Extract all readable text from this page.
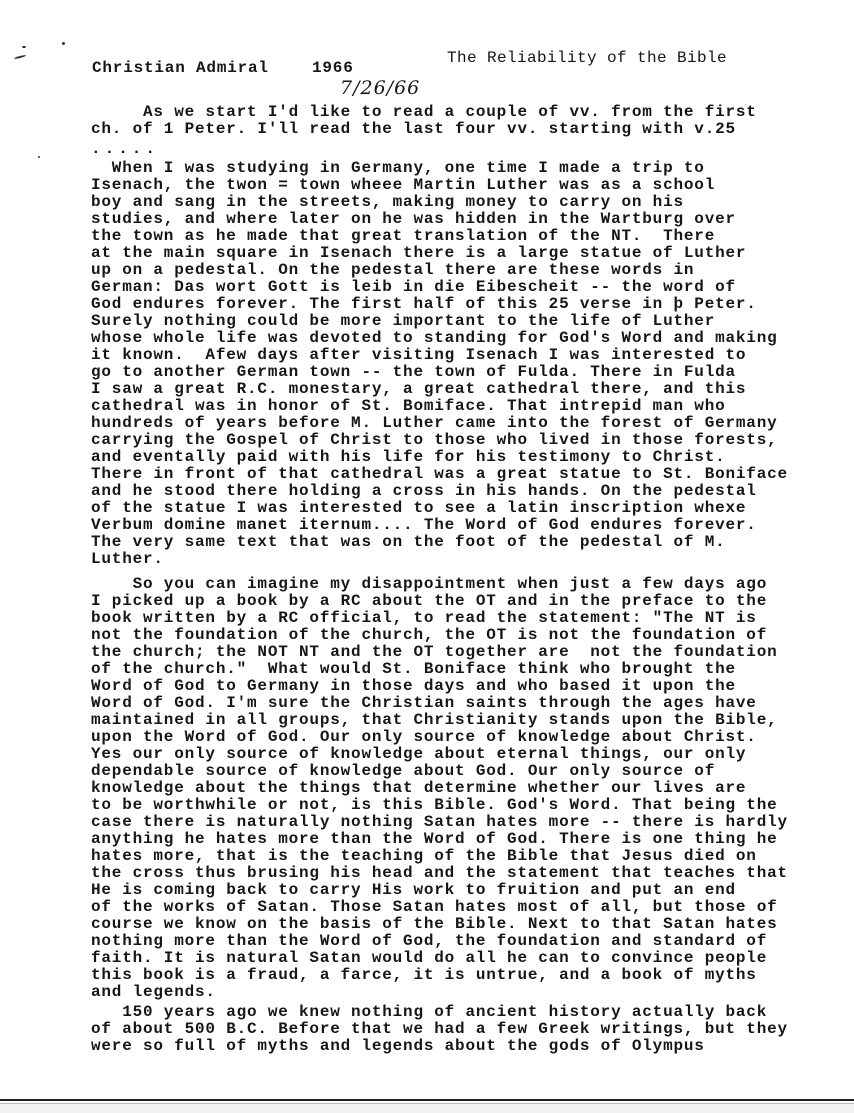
Christian Admiral

	1966

The Reliability of the Bible

7/26/66
As we start I'd like to read a couple of vv. from the first
ch. of 1 Peter. I'll read the last four vv. starting with v.25
.....
When I was studying in Germany, one time I made a trip to
Isenach, the twon = town wheee Martin Luther was as a school
boy and sang in the streets, making money to carry on his
studies, and where later on he was hidden in the Wartburg over
the town as he made that great translation of the NT.  There
at the main square in Isenach there is a large statue of Luther
up on a pedestal. On the pedestal there are these words in
German: Das wort Gott is leib in die Eibescheit -- the word of
God endures forever. The first half of this 25 verse in þ Peter.
Surely nothing could be more important to the life of Luther
whose whole life was devoted to standing for God's Word and making
it known.  Afew days after visiting Isenach I was interested to
go to another German town -- the town of Fulda. There in Fulda
I saw a great R.C. monestary, a great cathedral there, and this
cathedral was in honor of St. Bomiface. That intrepid man who
hundreds of years before M. Luther came into the forest of Germany
carrying the Gospel of Christ to those who lived in those forests,
and eventally paid with his life for his testimony to Christ.
There in front of that cathedral was a great statue to St. Boniface
and he stood there holding a cross in his hands. On the pedestal
of the statue I was interested to see a latin inscription whexe
Verbum domine manet iternum.... The Word of God endures forever.
The very same text that was on the foot of the pedestal of M.
Luther.
So you can imagine my disappointment when just a few days ago
I picked up a book by a RC about the OT and in the preface to the
book written by a RC official, to read the statement: "The NT is
not the foundation of the church, the OT is not the foundation of
the church; the NOT NT and the OT together are  not the foundation
of the church."  What would St. Boniface think who brought the
Word of God to Germany in those days and who based it upon the
Word of God. I'm sure the Christian saints through the ages have
maintained in all groups, that Christianity stands upon the Bible,
upon the Word of God. Our only source of knowledge about Christ.
Yes our only source of knowledge about eternal things, our only
dependable source of knowledge about God. Our only source of
knowledge about the things that determine whether our lives are
to be worthwhile or not, is this Bible. God's Word. That being the
case there is naturally nothing Satan hates more -- there is hardly
anything he hates more than the Word of God. There is one thing he
hates more, that is the teaching of the Bible that Jesus died on
the cross thus brusing his head and the statement that teaches that
He is coming back to carry His work to fruition and put an end
of the works of Satan. Those Satan hates most of all, but those of
course we know on the basis of the Bible. Next to that Satan hates
nothing more than the Word of God, the foundation and standard of
faith. It is natural Satan would do all he can to convince people
this book is a fraud, a farce, it is untrue, and a book of myths
and legends.
150 years ago we knew nothing of ancient history actually back
of about 500 B.C. Before that we had a few Greek writings, but they
were so full of myths and legends about the gods of Olympus
